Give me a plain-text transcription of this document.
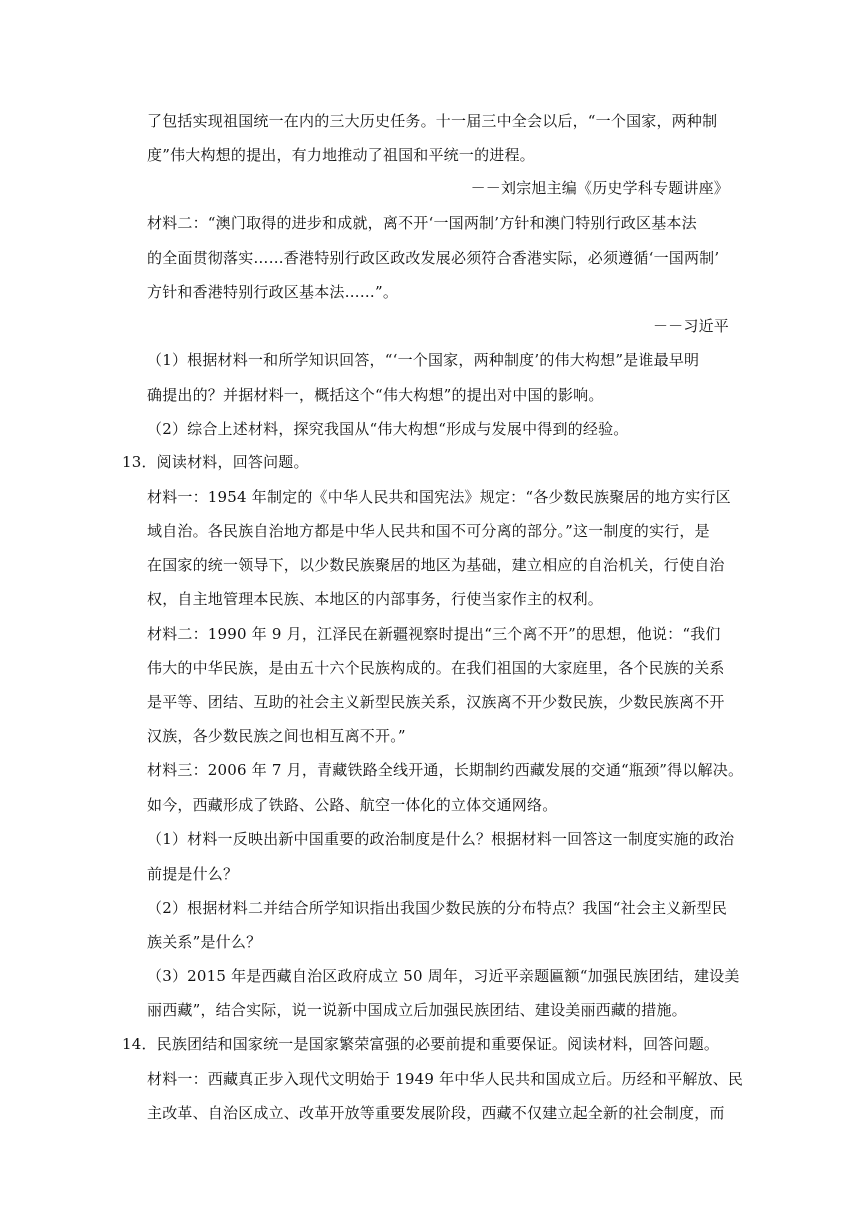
了包括实现祖国统一在内的三大历史任务。十一届三中全会以后，“一个国家，两种制
度”伟大构想的提出，有力地推动了祖国和平统一的进程。
－－刘宗旭主编《历史学科专题讲座》
材料二：“澳门取得的进步和成就，离不开‘一国两制’方针和澳门特别行政区基本法
的全面贯彻落实……香港特别行政区政改发展必须符合香港实际，必须遵循‘一国两制’
方针和香港特别行政区基本法……”。
－－习近平
（1）根据材料一和所学知识回答，“‘一个国家，两种制度’的伟大构想”是谁最早明
确提出的？并据材料一，概括这个“伟大构想”的提出对中国的影响。
（2）综合上述材料，探究我国从“伟大构想“形成与发展中得到的经验。
13．阅读材料，回答问题。
材料一：1954 年制定的《中华人民共和国宪法》规定：“各少数民族聚居的地方实行区
域自治。各民族自治地方都是中华人民共和国不可分离的部分。”这一制度的实行，是
在国家的统一领导下，以少数民族聚居的地区为基础，建立相应的自治机关，行使自治
权，自主地管理本民族、本地区的内部事务，行使当家作主的权利。
材料二：1990 年 9 月，江泽民在新疆视察时提出“三个离不开”的思想，他说：“我们
伟大的中华民族，是由五十六个民族构成的。在我们祖国的大家庭里，各个民族的关系
是平等、团结、互助的社会主义新型民族关系，汉族离不开少数民族，少数民族离不开
汉族，各少数民族之间也相互离不开。”
材料三：2006 年 7 月，青藏铁路全线开通，长期制约西藏发展的交通“瓶颈”得以解决。
如今，西藏形成了铁路、公路、航空一体化的立体交通网络。
（1）材料一反映出新中国重要的政治制度是什么？根据材料一回答这一制度实施的政治
前提是什么？
（2）根据材料二并结合所学知识指出我国少数民族的分布特点？我国“社会主义新型民
族关系”是什么？
（3）2015 年是西藏自治区政府成立 50 周年，习近平亲题匾额“加强民族团结，建设美
丽西藏”，结合实际，说一说新中国成立后加强民族团结、建设美丽西藏的措施。
14．民族团结和国家统一是国家繁荣富强的必要前提和重要保证。阅读材料，回答问题。
材料一：西藏真正步入现代文明始于 1949 年中华人民共和国成立后。历经和平解放、民
主改革、自治区成立、改革开放等重要发展阶段，西藏不仅建立起全新的社会制度，而
